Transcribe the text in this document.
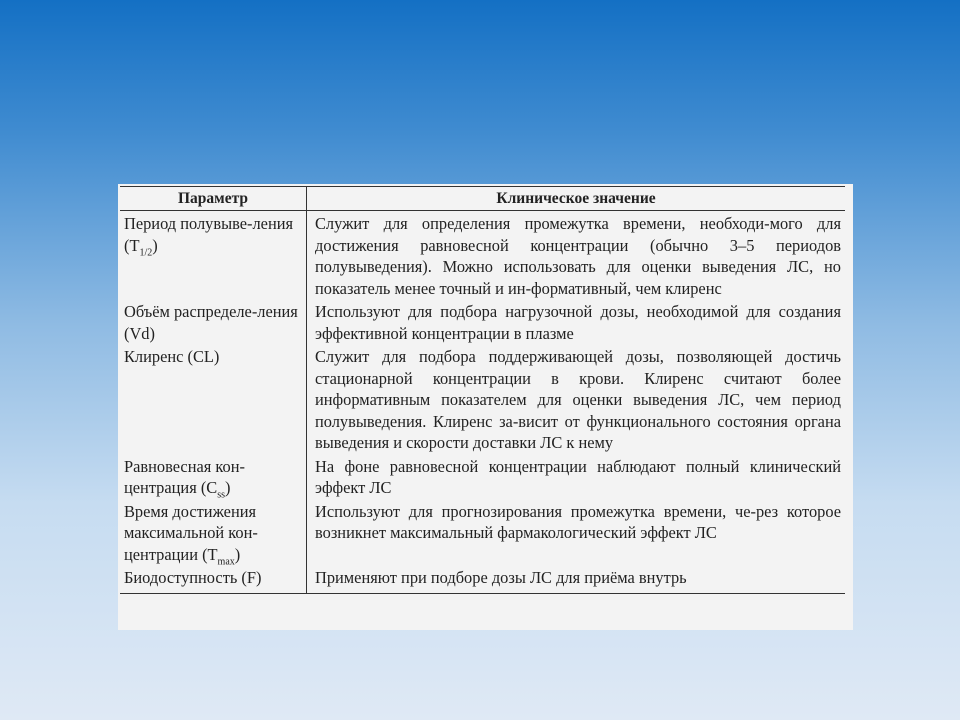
Параметр	Клиническое значение
Период полувыве-ления $(T_{1/2})$	Служит для определения промежутка времени, необходи-мого для достижения равновесной концентрации (обычно 3–5 периодов полувыведения). Можно использовать для оценки выведения ЛС, но показатель менее точный и ин-формативный, чем клиренс
Объём распределе-ления (Vd)	Используют для подбора нагрузочной дозы, необходимой для создания эффективной концентрации в плазме
Клиренс (CL)	Служит для подбора поддерживающей дозы, позволяющей достичь стационарной концентрации в крови. Клиренс считают более информативным показателем для оценки выведения ЛС, чем период полувыведения. Клиренс за-висит от функционального состояния органа выведения и скорости доставки ЛС к нему
Равновесная кон-центрация $(C_{ss})$	На фоне равновесной концентрации наблюдают полный клинический эффект ЛС
Время достижения максимальной кон-центрации $(T_{max})$	Используют для прогнозирования промежутка времени, че-рез которое возникнет максимальный фармакологический эффект ЛС
Биодоступность (F)	Применяют при подборе дозы ЛС для приёма внутрь
